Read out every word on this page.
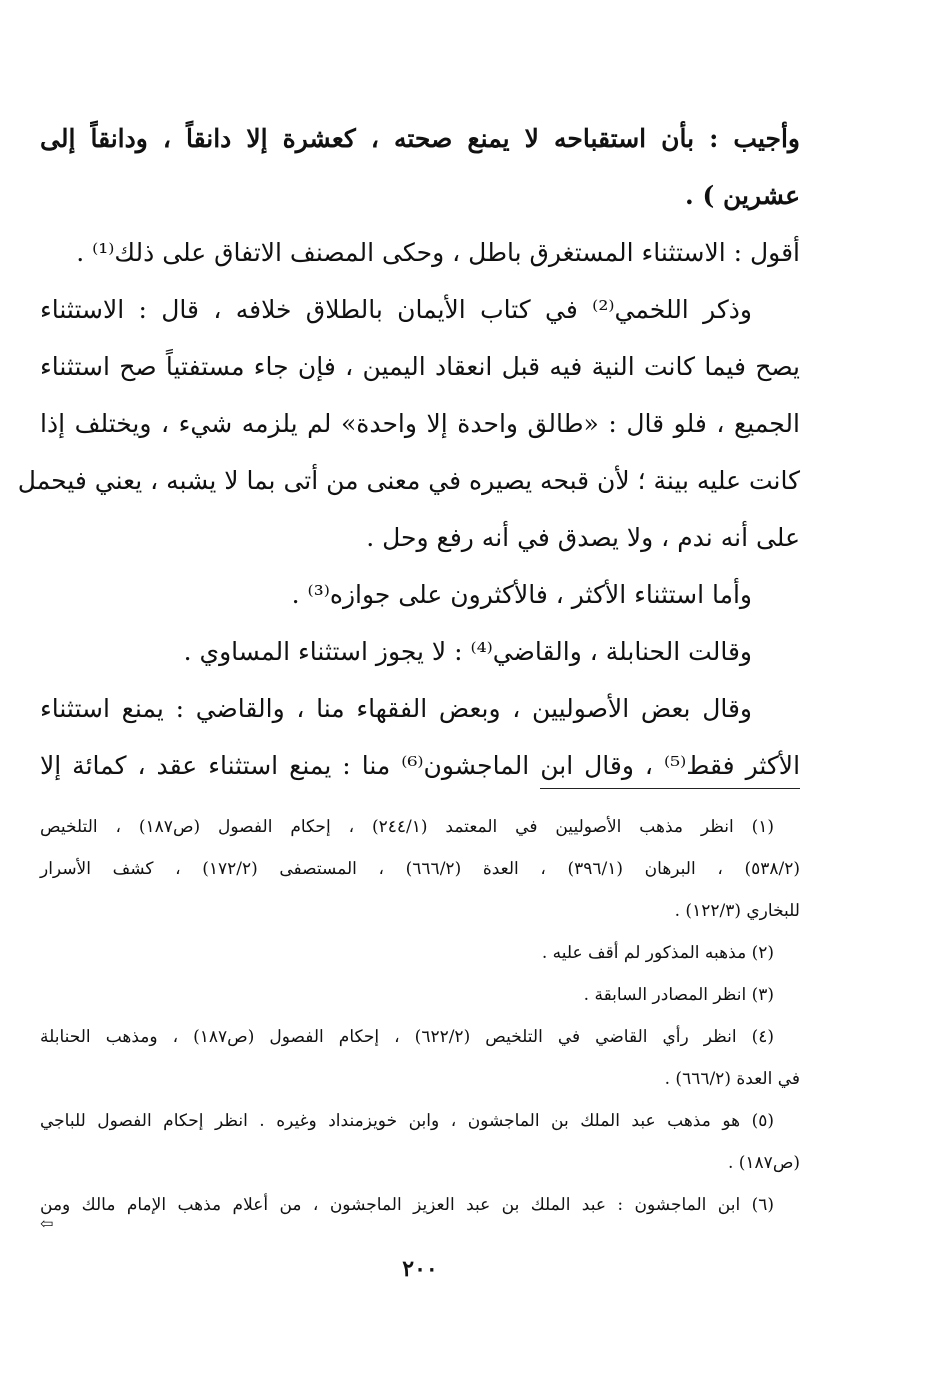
وأجيب : بأن استقباحه لا يمنع صحته ، كعشرة إلا دانقاً ، ودانقاً إلى
عشرين ) .
أقول : الاستثناء المستغرق باطل ، وحكى المصنف الاتفاق على ذلك⁽¹⁾ .
وذكر اللخمي⁽²⁾ في كتاب الأيمان بالطلاق خلافه ، قال : الاستثناء
يصح فيما كانت النية فيه قبل انعقاد اليمين ، فإن جاء مستفتياً صح استثناء
الجميع ، فلو قال : «طالق واحدة إلا واحدة» لم يلزمه شيء ، ويختلف إذا
كانت عليه بينة ؛ لأن قبحه يصيره في معنى من أتى بما لا يشبه ، يعني فيحمل
على أنه ندم ، ولا يصدق في أنه رفع وحل .
وأما استثناء الأكثر ، فالأكثرون على جوازه⁽³⁾ .
وقالت الحنابلة ، والقاضي⁽⁴⁾ : لا يجوز استثناء المساوي .
وقال بعض الأصوليين ، وبعض الفقهاء منا ، والقاضي : يمنع استثناء
الأكثر فقط⁽⁵⁾ ، وقال ابن الماجشون⁽⁶⁾ منا : يمنع استثناء عقد ، كمائة إلا
(١) انظر مذهب الأصوليين في المعتمد (٢٤٤/١) ، إحكام الفصول (ص١٨٧) ، التلخيص
(٥٣٨/٢) ، البرهان (٣٩٦/١) ، العدة (٦٦٦/٢) ، المستصفى (١٧٢/٢) ، كشف الأسرار
للبخاري (١٢٢/٣) .
(٢) مذهبه المذكور لم أقف عليه .
(٣) انظر المصادر السابقة .
(٤) انظر رأي القاضي في التلخيص (٦٢٢/٢) ، إحكام الفصول (ص١٨٧) ، ومذهب الحنابلة
في العدة (٦٦٦/٢) .
(٥) هو مذهب عبد الملك بن الماجشون ، وابن خويزمنداد وغيره . انظر إحكام الفصول للباجي
(ص١٨٧) .
(٦) ابن الماجشون : عبد الملك بن عبد العزيز الماجشون ، من أعلام مذهب الإمام مالك ومن
⇦
٢٠٠
